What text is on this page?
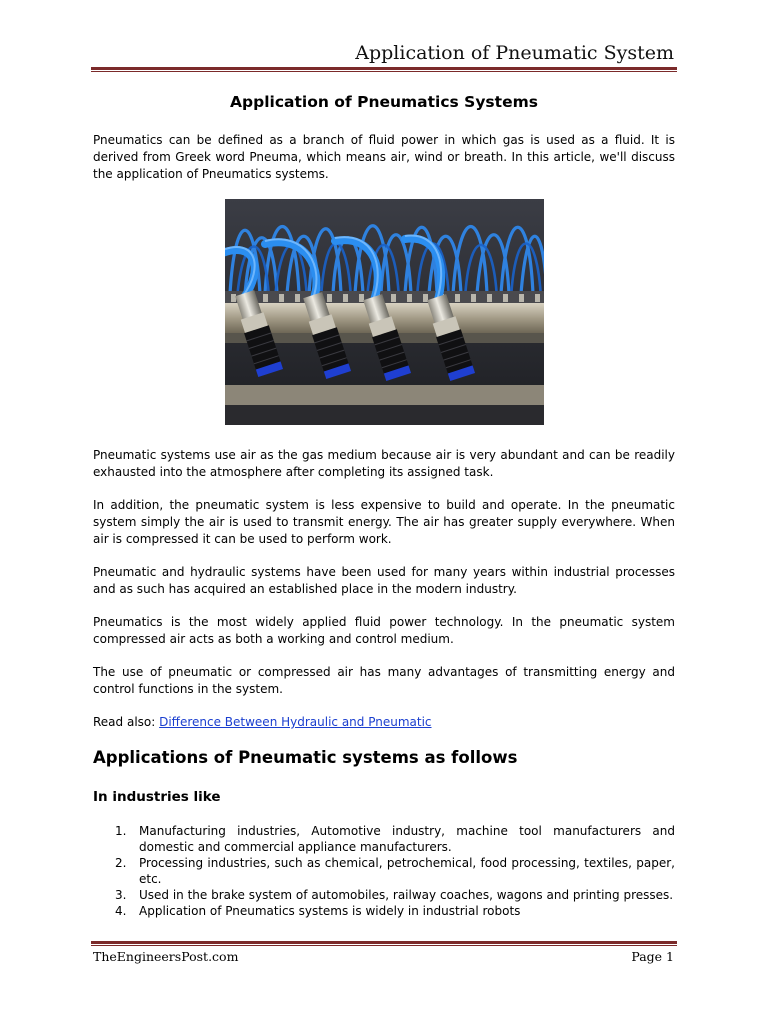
Application of Pneumatic System
Application of Pneumatics Systems

Pneumatics can be defined as a branch of fluid power in which gas is used as a fluid. It is derived from Greek word Pneuma, which means air, wind or breath. In this article, we'll discuss the application of Pneumatics systems.

Pneumatic systems use air as the gas medium because air is very abundant and can be readily exhausted into the atmosphere after completing its assigned task.

In addition, the pneumatic system is less expensive to build and operate. In the pneumatic system simply the air is used to transmit energy. The air has greater supply everywhere. When air is compressed it can be used to perform work.

Pneumatic and hydraulic systems have been used for many years within industrial processes and as such has acquired an established place in the modern industry.

Pneumatics is the most widely applied fluid power technology. In the pneumatic system compressed air acts as both a working and control medium.

The use of pneumatic or compressed air has many advantages of transmitting energy and control functions in the system.

Read also: Difference Between Hydraulic and Pneumatic

Applications of Pneumatic systems as follows
In industries like
1. Manufacturing industries, Automotive industry, machine tool manufacturers and domestic and commercial appliance manufacturers.
2. Processing industries, such as chemical, petrochemical, food processing, textiles, paper, etc.
3. Used in the brake system of automobiles, railway coaches, wagons and printing presses.
4. Application of Pneumatics systems is widely in industrial robots
TheEngineersPost.com	Page 1
